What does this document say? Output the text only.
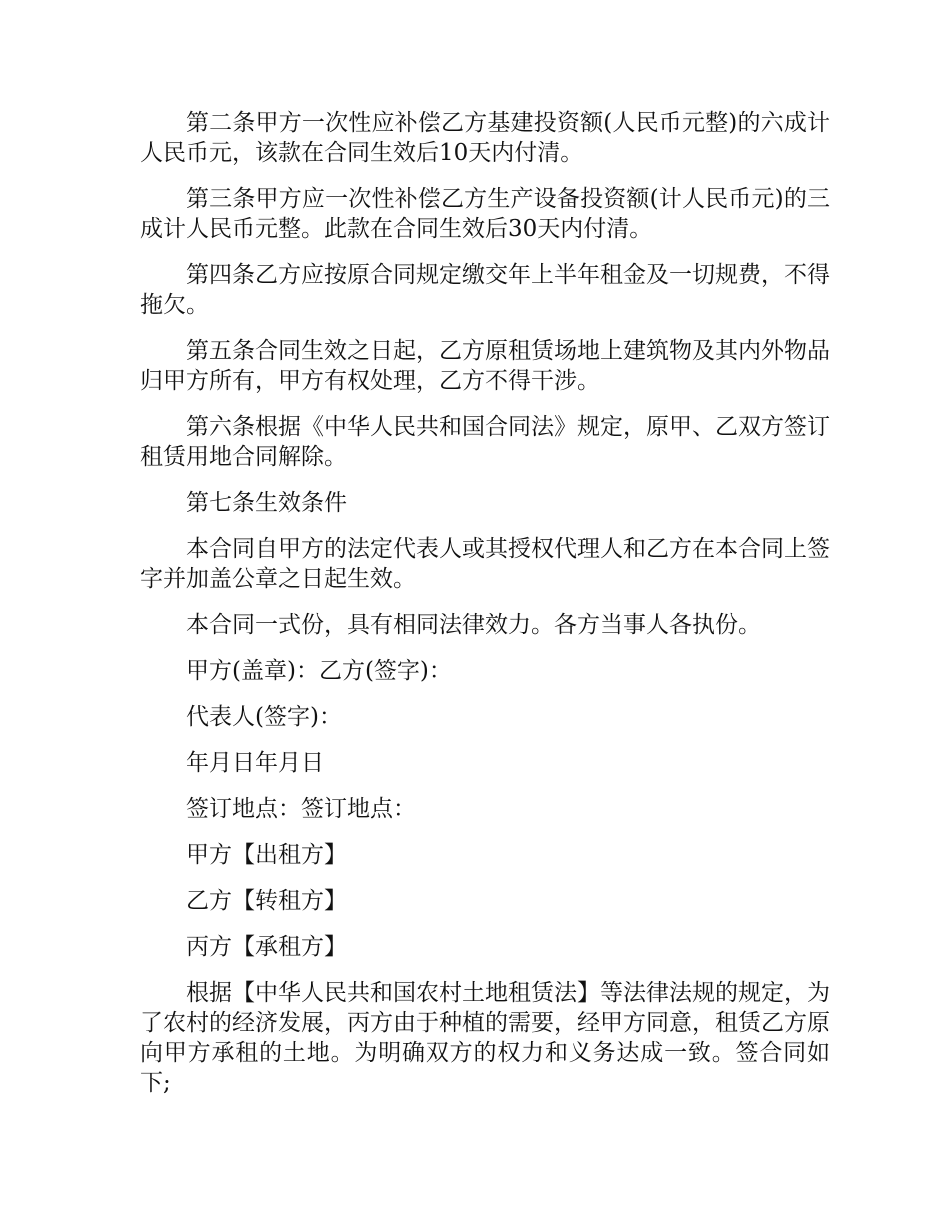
第二条甲方一次性应补偿乙方基建投资额(人民币元整)的六成计人民币元，该款在合同生效后10天内付清。

第三条甲方应一次性补偿乙方生产设备投资额(计人民币元)的三成计人民币元整。此款在合同生效后30天内付清。

第四条乙方应按原合同规定缴交年上半年租金及一切规费，不得拖欠。

第五条合同生效之日起，乙方原租赁场地上建筑物及其内外物品归甲方所有，甲方有权处理，乙方不得干涉。

第六条根据《中华人民共和国合同法》规定，原甲、乙双方签订租赁用地合同解除。

第七条生效条件

本合同自甲方的法定代表人或其授权代理人和乙方在本合同上签字并加盖公章之日起生效。

本合同一式份，具有相同法律效力。各方当事人各执份。

甲方(盖章)：乙方(签字)：

代表人(签字)：

年月日年月日

签订地点：签订地点：

甲方【出租方】

乙方【转租方】

丙方【承租方】

根据【中华人民共和国农村土地租赁法】等法律法规的规定，为了农村的经济发展，丙方由于种植的需要，经甲方同意，租赁乙方原向甲方承租的土地。为明确双方的权力和义务达成一致。签合同如下;
